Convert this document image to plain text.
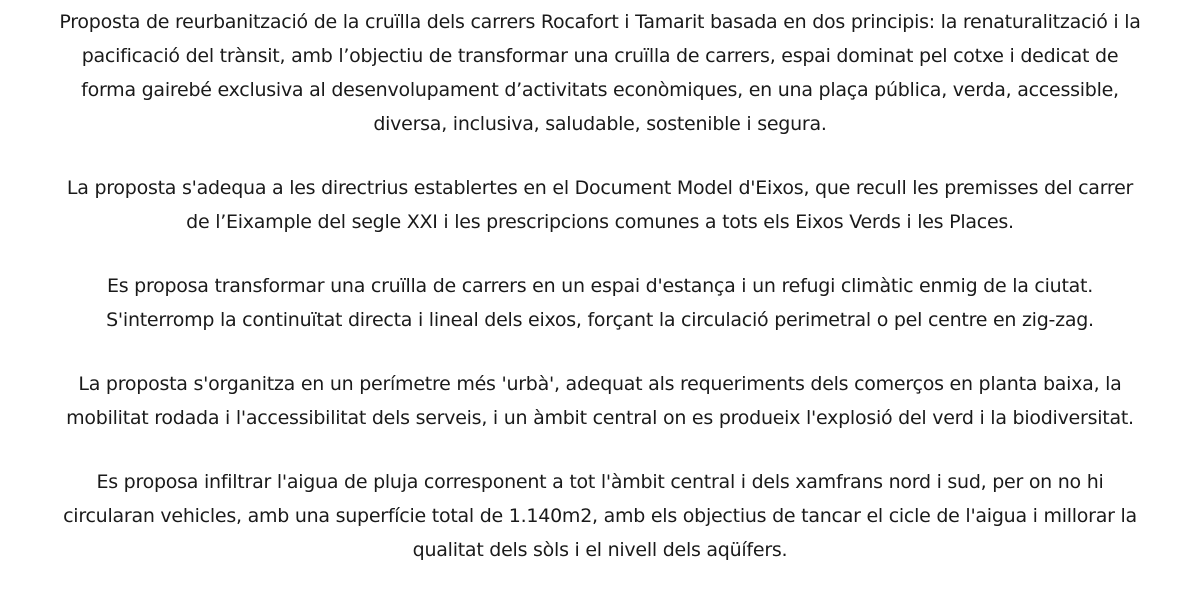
Proposta de reurbanització de la cruïlla dels carrers Rocafort i Tamarit basada en dos principis: la renaturalització i la
pacificació del trànsit, amb l’objectiu de transformar una cruïlla de carrers, espai dominat pel cotxe i dedicat de
forma gairebé exclusiva al desenvolupament d’activitats econòmiques, en una plaça pública, verda, accessible,
diversa, inclusiva, saludable, sostenible i segura.

La proposta s'adequa a les directrius establertes en el Document Model d'Eixos, que recull les premisses del carrer
de l’Eixample del segle XXI i les prescripcions comunes a tots els Eixos Verds i les Places.

Es proposa transformar una cruïlla de carrers en un espai d'estança i un refugi climàtic enmig de la ciutat.
S'interromp la continuïtat directa i lineal dels eixos, forçant la circulació perimetral o pel centre en zig-zag.

La proposta s'organitza en un perímetre més 'urbà', adequat als requeriments dels comerços en planta baixa, la
mobilitat rodada i l'accessibilitat dels serveis, i un àmbit central on es produeix l'explosió del verd i la biodiversitat.

Es proposa infiltrar l'aigua de pluja corresponent a tot l'àmbit central i dels xamfrans nord i sud, per on no hi
circularan vehicles, amb una superfície total de 1.140m2, amb els objectius de tancar el cicle de l'aigua i millorar la
qualitat dels sòls i el nivell dels aqüífers.
